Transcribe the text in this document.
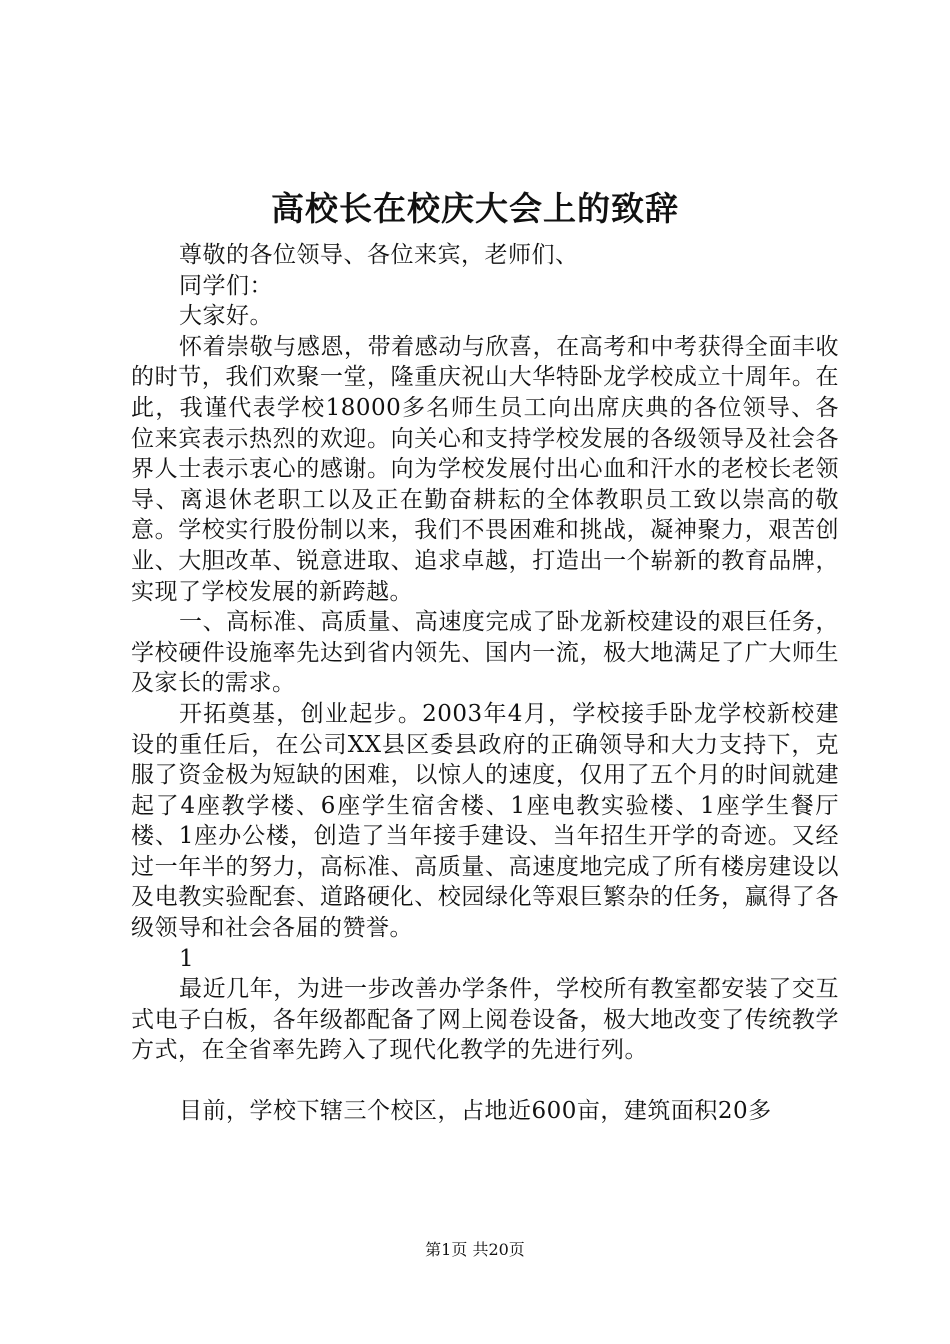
高校长在校庆大会上的致辞

尊敬的各位领导、各位来宾，老师们、

同学们：

大家好。

怀着崇敬与感恩，带着感动与欣喜，在高考和中考获得全面丰收的时节，我们欢聚一堂，隆重庆祝山大华特卧龙学校成立十周年。在此，我谨代表学校18000多名师生员工向出席庆典的各位领导、各位来宾表示热烈的欢迎。向关心和支持学校发展的各级领导及社会各界人士表示衷心的感谢。向为学校发展付出心血和汗水的老校长老领导、离退休老职工以及正在勤奋耕耘的全体教职员工致以崇高的敬意。学校实行股份制以来，我们不畏困难和挑战，凝神聚力，艰苦创业、大胆改革、锐意进取、追求卓越，打造出一个崭新的教育品牌，实现了学校发展的新跨越。

一、高标准、高质量、高速度完成了卧龙新校建设的艰巨任务，学校硬件设施率先达到省内领先、国内一流，极大地满足了广大师生及家长的需求。

开拓奠基，创业起步。2003年4月，学校接手卧龙学校新校建设的重任后，在公司XX县区委县政府的正确领导和大力支持下，克服了资金极为短缺的困难，以惊人的速度，仅用了五个月的时间就建起了4座教学楼、6座学生宿舍楼、1座电教实验楼、1座学生餐厅楼、1座办公楼，创造了当年接手建设、当年招生开学的奇迹。又经过一年半的努力，高标准、高质量、高速度地完成了所有楼房建设以及电教实验配套、道路硬化、校园绿化等艰巨繁杂的任务，赢得了各级领导和社会各届的赞誉。

1

最近几年，为进一步改善办学条件，学校所有教室都安装了交互式电子白板，各年级都配备了网上阅卷设备，极大地改变了传统教学方式，在全省率先跨入了现代化教学的先进行列。

目前，学校下辖三个校区，占地近600亩，建筑面积20多

第1页 共20页
